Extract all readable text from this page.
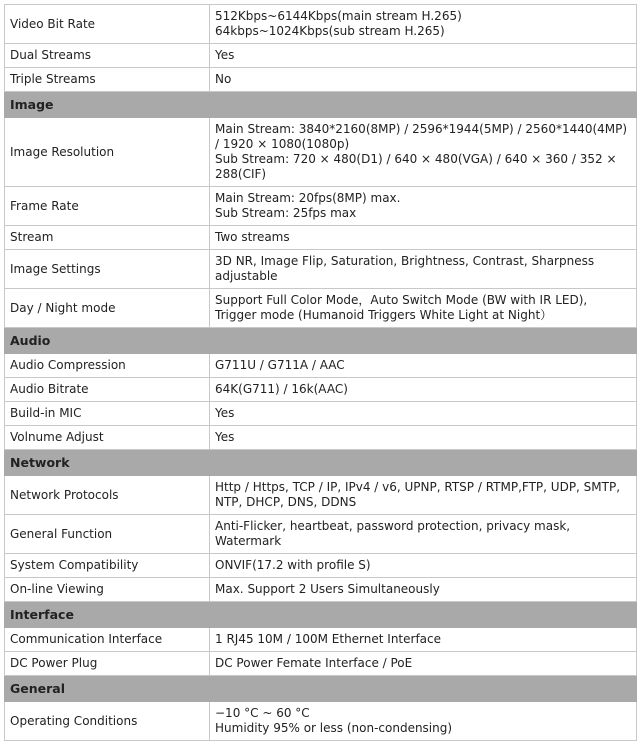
Video Bit Rate	512Kbps~6144Kbps(main stream H.265)
64kbps~1024Kbps(sub stream H.265)

Dual Streams	Yes

Triple Streams	No

Image	
Image Resolution	Main Stream: 3840*2160(8MP) / 2596*1944(5MP) / 2560*1440(4MP) / 1920 × 1080(1080p)
Sub Stream: 720 × 480(D1) / 640 × 480(VGA) / 640 × 360 / 352 × 288(CIF)

Frame Rate	Main Stream: 20fps(8MP) max.
Sub Stream: 25fps max

Stream	Two streams

Image Settings	3D NR, Image Flip, Saturation, Brightness, Contrast, Sharpness adjustable

Day / Night mode	Support Full Color Mode，Auto Switch Mode (BW with IR LED), Trigger mode (Humanoid Triggers White Light at Night）

Audio	
Audio Compression	G711U / G711A / AAC

Audio Bitrate	64K(G711) / 16k(AAC)

Build-in MIC	Yes

Volnume Adjust	Yes

Network	
Network Protocols	Http / Https, TCP / IP, IPv4 / v6, UPNP, RTSP / RTMP,FTP, UDP, SMTP, NTP, DHCP, DNS, DDNS

General Function	Anti-Flicker, heartbeat, password protection, privacy mask, Watermark

System Compatibility	ONVIF(17.2 with profile S)

On-line Viewing	Max. Support 2 Users Simultaneously

Interface	
Communication Interface	1 RJ45 10M / 100M Ethernet Interface

DC Power Plug	DC Power Femate Interface / PoE

General	
Operating Conditions	−10 °C ~ 60 °C
Humidity 95% or less (non-condensing)
